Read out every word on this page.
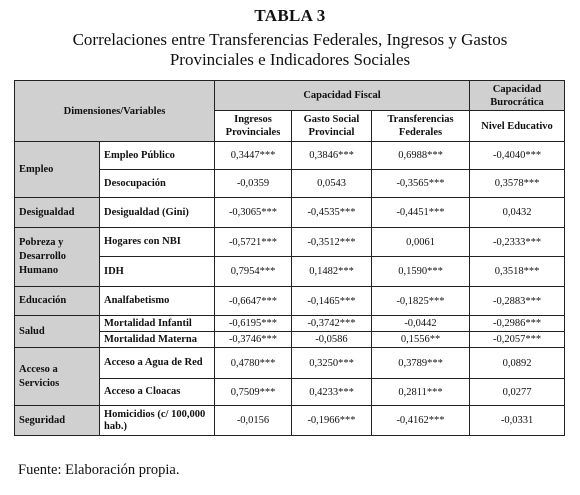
TABLA 3
Correlaciones entre Transferencias Federales, Ingresos y Gastos
Provinciales e Indicadores Sociales
Dimensiones/Variables		Capacidad Fiscal			Capacidad Burocrática
		Ingresos Provinciales	Gasto Social Provincial	Transferencias Federales	Nivel Educativo
Empleo	Empleo Público	0,3447***	0,3846***	0,6988***	-0,4040***
	Desocupación	-0,0359	0,0543	-0,3565***	0,3578***
Desigualdad	Desigualdad (Gini)	-0,3065***	-0,4535***	-0,4451***	0,0432
Pobreza y Desarrollo Humano	Hogares con NBI	-0,5721***	-0,3512***	0,0061	-0,2333***
	IDH	0,7954***	0,1482***	0,1590***	0,3518***
Educación	Analfabetismo	-0,6647***	-0,1465***	-0,1825***	-0,2883***
Salud	Mortalidad Infantil	-0,6195***	-0,3742***	-0,0442	-0,2986***
	Mortalidad Materna	-0,3746***	-0,0586	0,1556**	-0,2057***
Acceso a Servicios	Acceso a Agua de Red	0,4780***	0,3250***	0,3789***	0,0892
	Acceso a Cloacas	0,7509***	0,4233***	0,2811***	0,0277
Seguridad	Homicidios (c/ 100,000 hab.)	-0,0156	-0,1966***	-0,4162***	-0,0331
Fuente: Elaboración propia.
